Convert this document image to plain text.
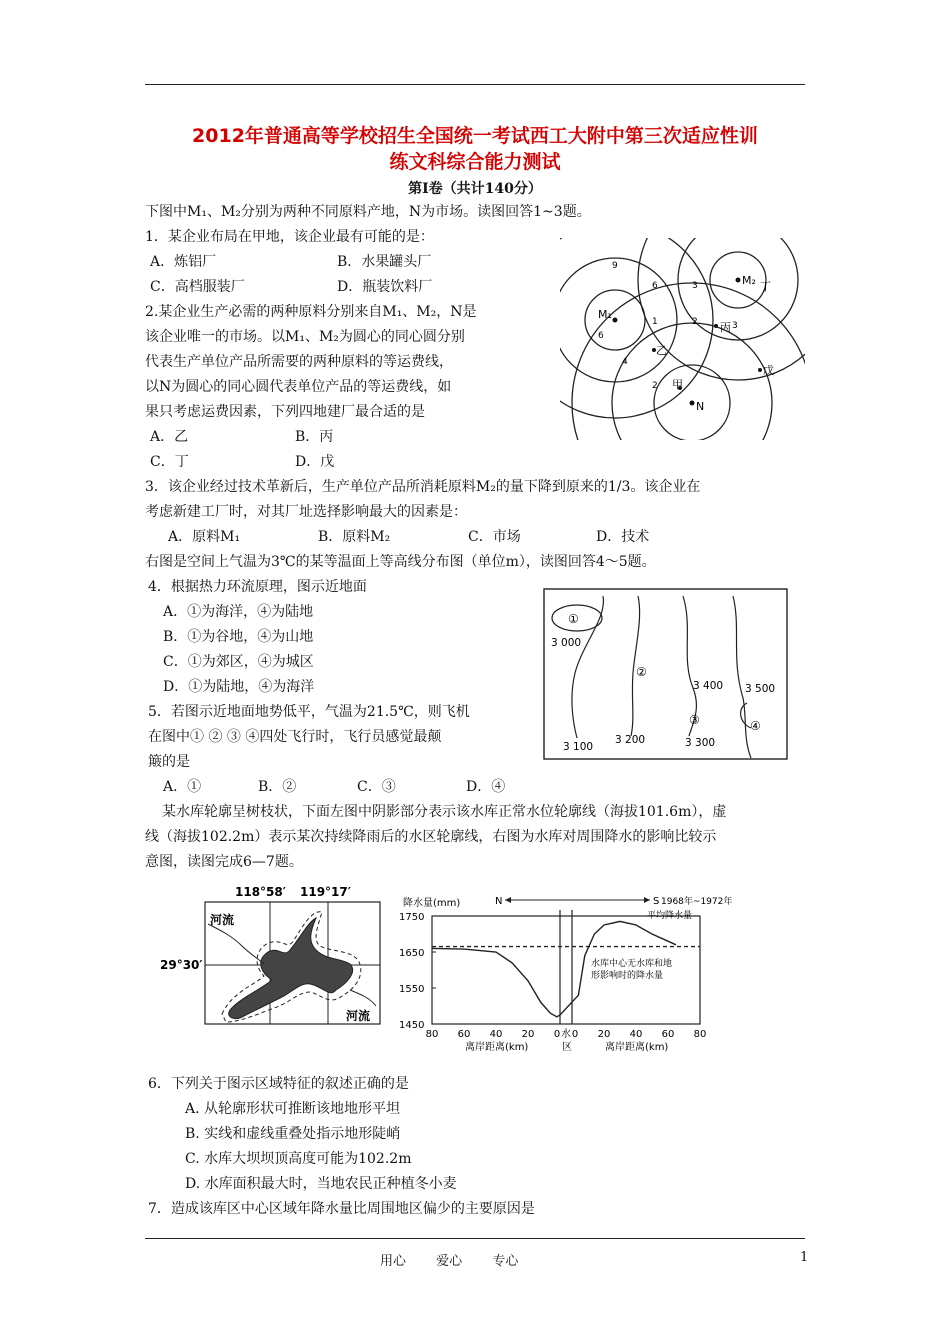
2012年普通高等学校招生全国统一考试西工大附中第三次适应性训
练文科综合能力测试
第Ⅰ卷（共计140分）
下图中M₁、M₂分别为两种不同原料产地，N为市场。读图回答1~3题。
1．某企业布局在甲地，该企业最有可能的是：
A．炼铝厂	B．水果罐头厂
C．高档服装厂	D．瓶装饮料厂
2.某企业生产必需的两种原料分别来自M₁、M₂，N是
该企业唯一的市场。以M₁、M₂为圆心的同心圆分别
代表生产单位产品所需要的两种原料的等运费线，
以N为圆心的同心圆代表单位产品的等运费线，如
果只考虑运费因素，下列四地建厂最合适的是
A．乙	B．丙
C．丁	D．戊
M₁
M₂ 丁
N
甲
乙
丙
戊
9
6
6
3
3
1	2
2
4
3．该企业经过技术革新后，生产单位产品所消耗原料M₂的量下降到原来的1/3。该企业在
考虑新建工厂时，对其厂址选择影响最大的因素是：
A．原料M₁	B．原料M₂	C．市场	D．技术
右图是空间上气温为3℃的某等温面上等高线分布图（单位m），读图回答4～5题。
4．根据热力环流原理，图示近地面
A．①为海洋，④为陆地
B．①为谷地，④为山地
C．①为郊区，④为城区
D．①为陆地，④为海洋
①
②
③	④
3 000
3 100
3 200	3 300
3 400 3 500
5．若图示近地面地势低平，气温为21.5℃，则飞机
在图中① ② ③ ④四处飞行时，飞行员感觉最颠
簸的是
A．①	B．②	C．③	D．④
某水库轮廓呈树枝状，下面左图中阴影部分表示该水库正常水位轮廓线（海拔101.6m），虚
线（海拔102.2m）表示某次持续降雨后的水区轮廓线，右图为水库对周围降水的影响比较示
意图，读图完成6—7题。
118°58′ 119°17′
29°30′
河流
河流
1750
1650
1550
1450
80 60 40 20 0 水 0 20 40 60 80
降水量(mm)	N	S 1968年~1972年
平均降水量
水库中心无水库和地
形影响时的降水量
离岸距离(km)	区	离岸距离(km)
6．下列关于图示区域特征的叙述正确的是
A. 从轮廓形状可推断该地地形平坦
B. 实线和虚线重叠处指示地形陡峭
C. 水库大坝坝顶高度可能为102.2m
D. 水库面积最大时，当地农民正种植冬小麦
7．造成该库区中心区域年降水量比周围地区偏少的主要原因是
用心 爱心 专心	1
